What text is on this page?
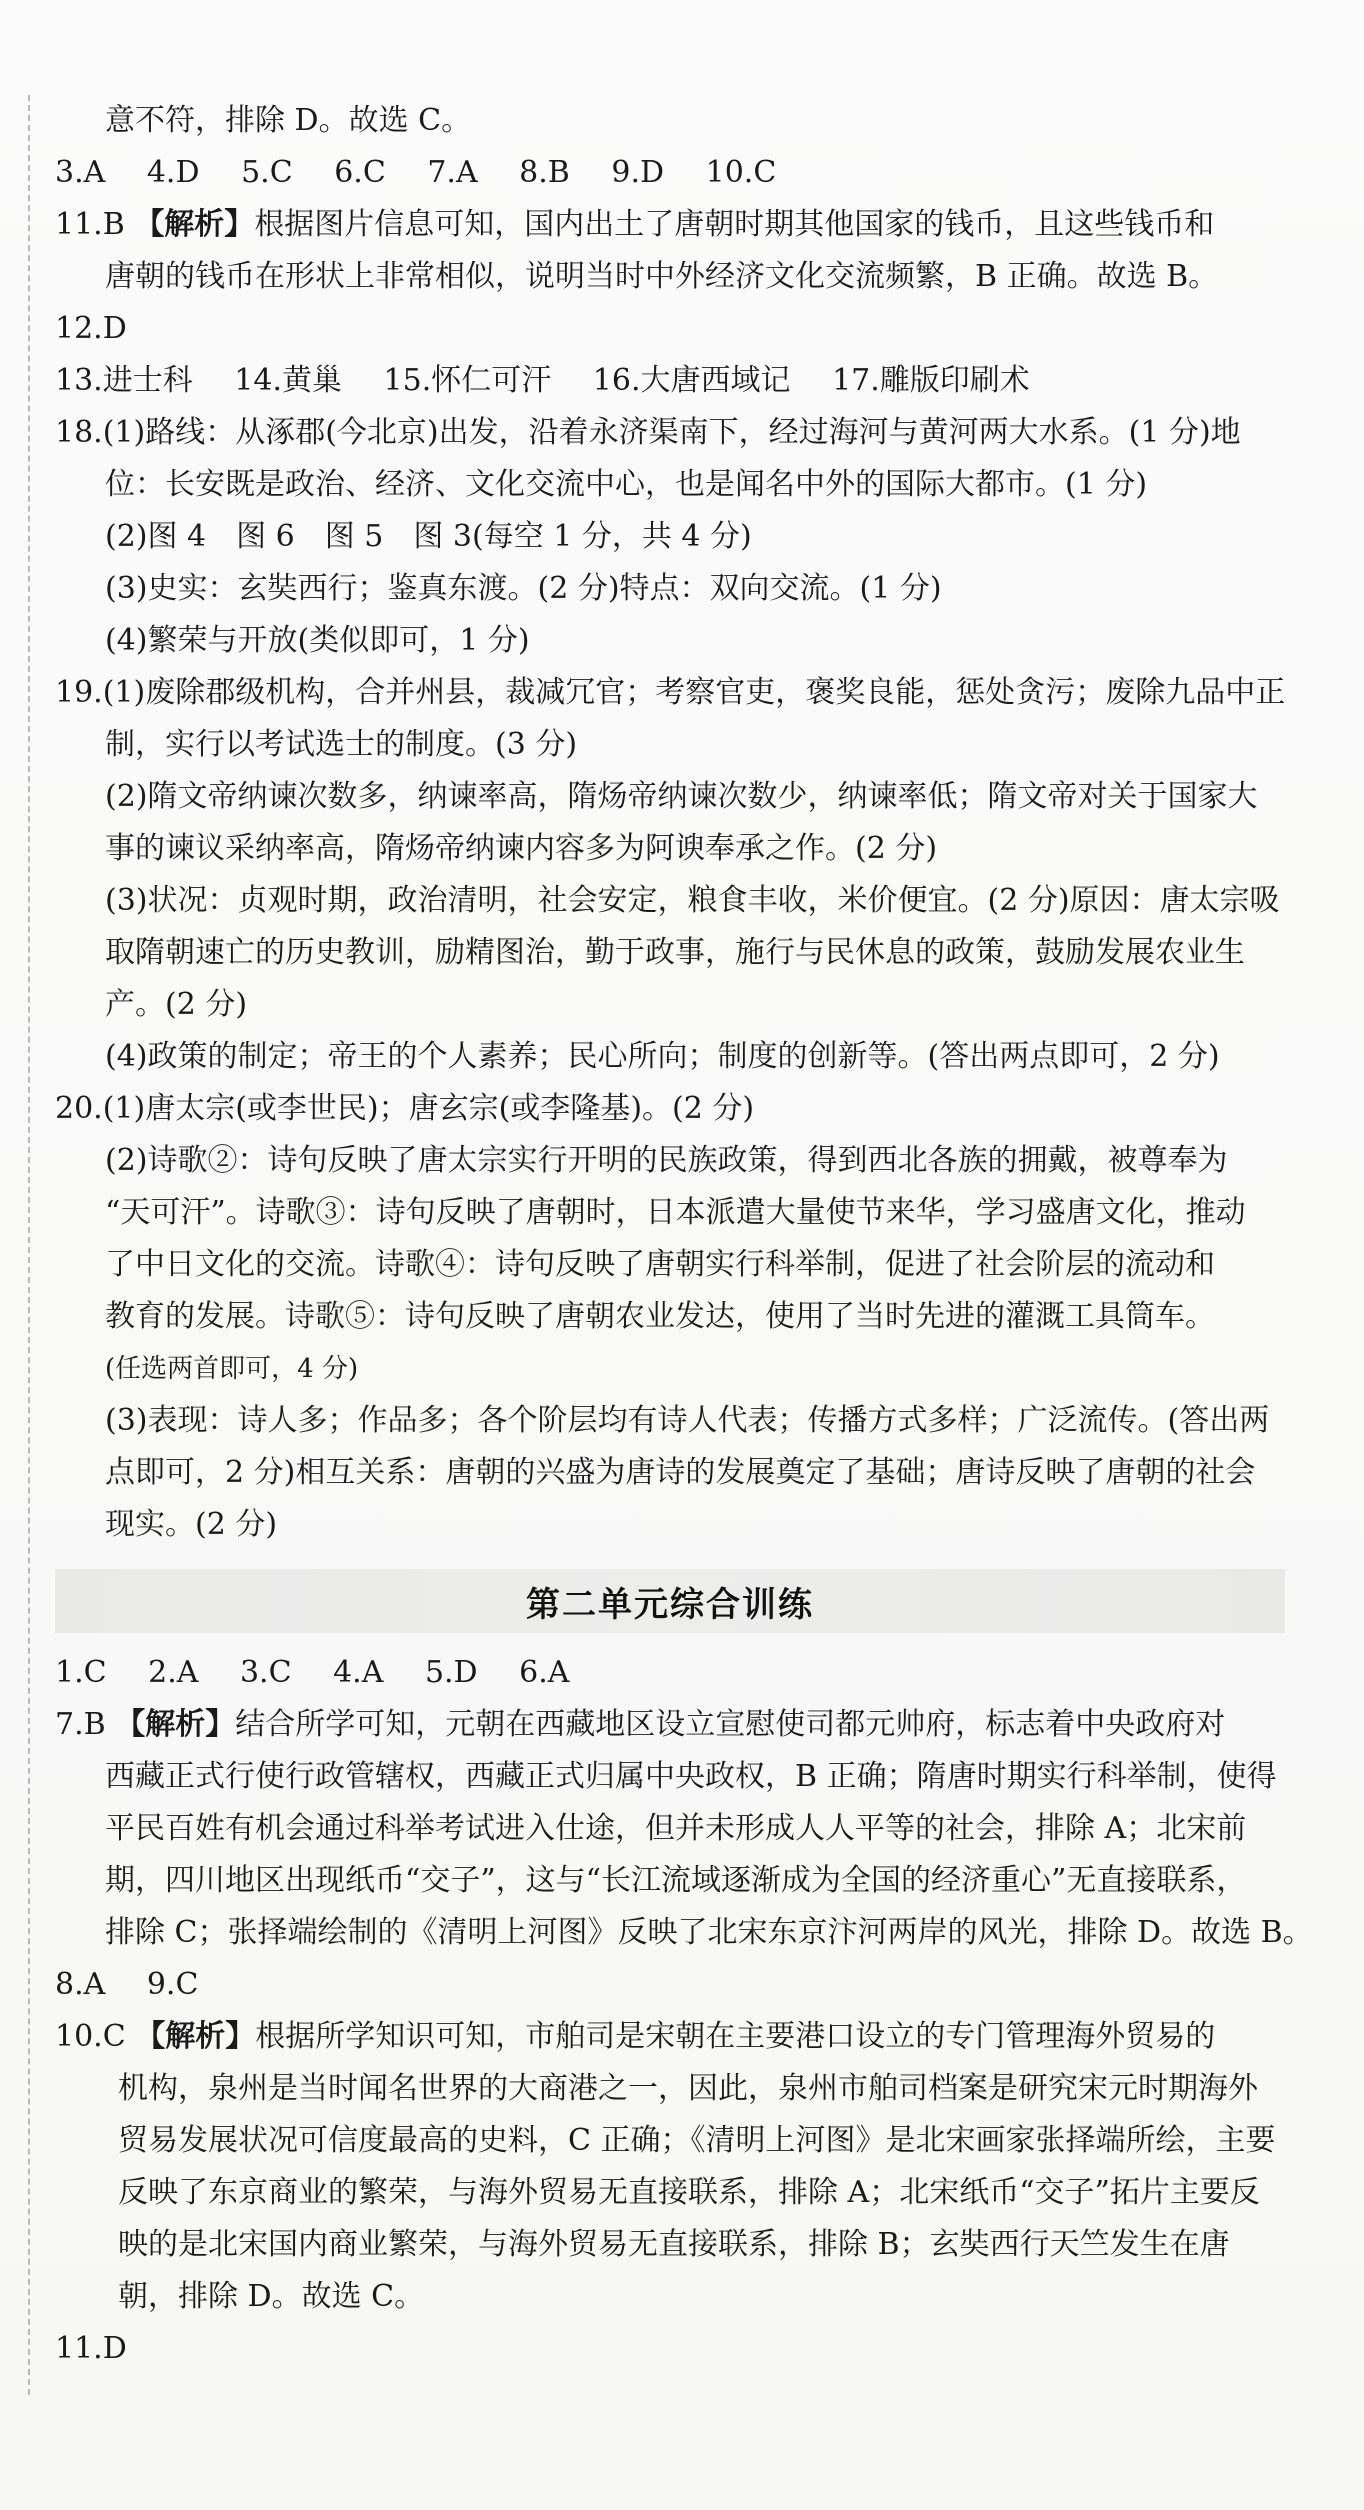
意不符，排除 D。故选 C。
3.A 4.D 5.C 6.C 7.A 8.B 9.D 10.C
11.B 【解析】根据图片信息可知，国内出土了唐朝时期其他国家的钱币，且这些钱币和
唐朝的钱币在形状上非常相似，说明当时中外经济文化交流频繁，B 正确。故选 B。
12.D
13.进士科 14.黄巢 15.怀仁可汗 16.大唐西域记 17.雕版印刷术
18.(1)路线：从涿郡(今北京)出发，沿着永济渠南下，经过海河与黄河两大水系。(1 分)地
位：长安既是政治、经济、文化交流中心，也是闻名中外的国际大都市。(1 分)
(2)图 4　图 6　图 5　图 3(每空 1 分，共 4 分)
(3)史实：玄奘西行；鉴真东渡。(2 分)特点：双向交流。(1 分)
(4)繁荣与开放(类似即可，1 分)
19.(1)废除郡级机构，合并州县，裁减冗官；考察官吏，褒奖良能，惩处贪污；废除九品中正
制，实行以考试选士的制度。(3 分)
(2)隋文帝纳谏次数多，纳谏率高，隋炀帝纳谏次数少，纳谏率低；隋文帝对关于国家大
事的谏议采纳率高，隋炀帝纳谏内容多为阿谀奉承之作。(2 分)
(3)状况：贞观时期，政治清明，社会安定，粮食丰收，米价便宜。(2 分)原因：唐太宗吸
取隋朝速亡的历史教训，励精图治，勤于政事，施行与民休息的政策，鼓励发展农业生
产。(2 分)
(4)政策的制定；帝王的个人素养；民心所向；制度的创新等。(答出两点即可，2 分)
20.(1)唐太宗(或李世民)；唐玄宗(或李隆基)。(2 分)
(2)诗歌②：诗句反映了唐太宗实行开明的民族政策，得到西北各族的拥戴，被尊奉为
“天可汗”。诗歌③：诗句反映了唐朝时，日本派遣大量使节来华，学习盛唐文化，推动
了中日文化的交流。诗歌④：诗句反映了唐朝实行科举制，促进了社会阶层的流动和
教育的发展。诗歌⑤：诗句反映了唐朝农业发达，使用了当时先进的灌溉工具筒车。
(任选两首即可，4 分)
(3)表现：诗人多；作品多；各个阶层均有诗人代表；传播方式多样；广泛流传。(答出两
点即可，2 分)相互关系：唐朝的兴盛为唐诗的发展奠定了基础；唐诗反映了唐朝的社会
现实。(2 分)
第二单元综合训练
1.C 2.A 3.C 4.A 5.D 6.A
7.B 【解析】结合所学可知，元朝在西藏地区设立宣慰使司都元帅府，标志着中央政府对
西藏正式行使行政管辖权，西藏正式归属中央政权，B 正确；隋唐时期实行科举制，使得
平民百姓有机会通过科举考试进入仕途，但并未形成人人平等的社会，排除 A；北宋前
期，四川地区出现纸币“交子”，这与“长江流域逐渐成为全国的经济重心”无直接联系，
排除 C；张择端绘制的《清明上河图》反映了北宋东京汴河两岸的风光，排除 D。故选 B。
8.A 9.C
10.C 【解析】根据所学知识可知，市舶司是宋朝在主要港口设立的专门管理海外贸易的
机构，泉州是当时闻名世界的大商港之一，因此，泉州市舶司档案是研究宋元时期海外
贸易发展状况可信度最高的史料，C 正确；《清明上河图》是北宋画家张择端所绘，主要
反映了东京商业的繁荣，与海外贸易无直接联系，排除 A；北宋纸币“交子”拓片主要反
映的是北宋国内商业繁荣，与海外贸易无直接联系，排除 B；玄奘西行天竺发生在唐
朝，排除 D。故选 C。
11.D
